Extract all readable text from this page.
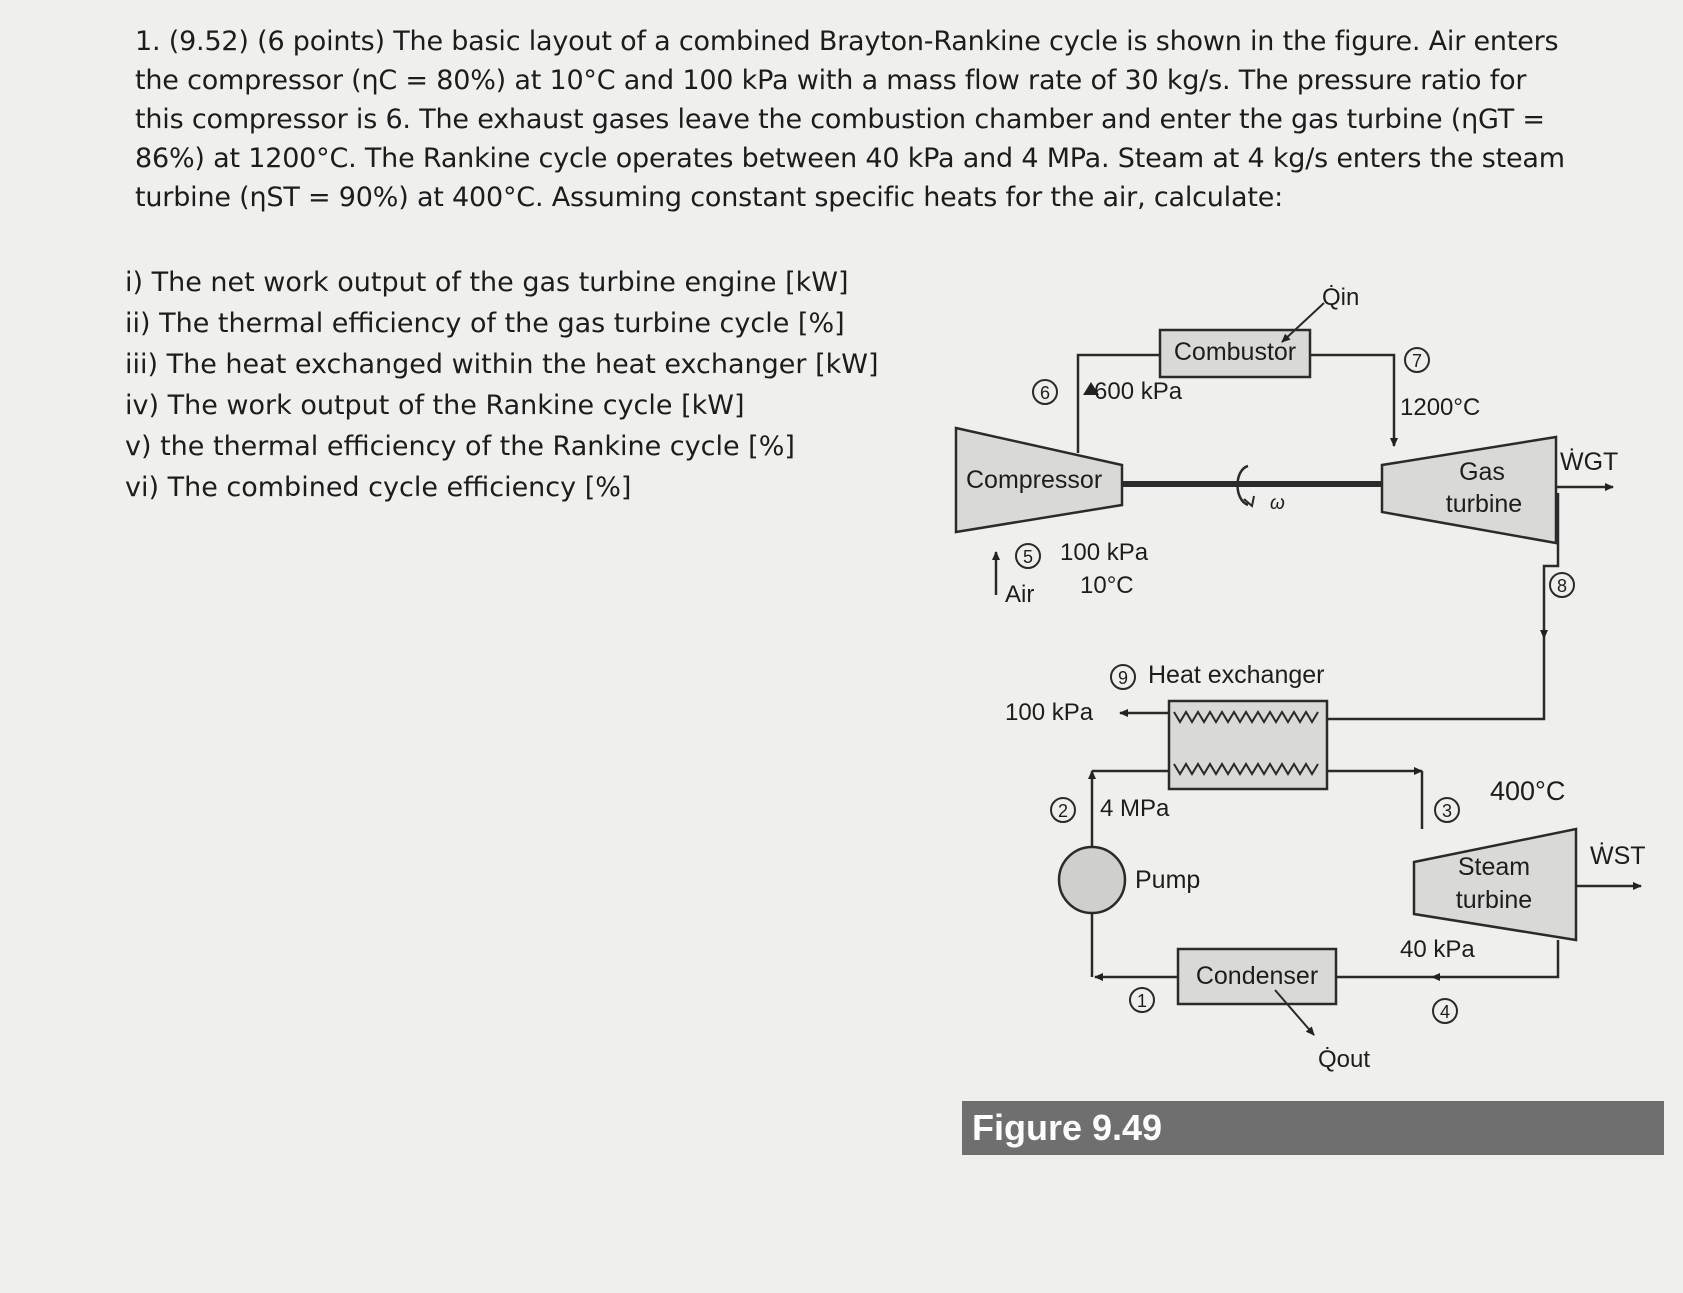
1. (9.52) (6 points) The basic layout of a combined Brayton-Rankine cycle is shown in the figure. Air enters the compressor (ηC = 80%) at 10°C and 100 kPa with a mass flow rate of 30 kg/s. The pressure ratio for this compressor is 6. The exhaust gases leave the combustion chamber and enter the gas turbine (ηGT = 86%) at 1200°C. The Rankine cycle operates between 40 kPa and 4 MPa. Steam at 4 kg/s enters the steam turbine (ηST = 90%) at 400°C. Assuming constant specific heats for the air, calculate:

i) The net work output of the gas turbine engine [kW]
ii) The thermal efficiency of the gas turbine cycle [%]
iii) The heat exchanged within the heat exchanger [kW]
iv) The work output of the Rankine cycle [kW]
v) the thermal efficiency of the Rankine cycle [%]
vi) The combined cycle efficiency [%]
ω
Compressor	Gas
turbine
ẆGT
Combustor
Q̇in
6 600 kPa
7
1200°C
5 100 kPa
10°C
Air	8
9 Heat exchanger
100 kPa
Pump
2 4 MPa
Steam
turbine
ẆST
3
400°C
40 kPa
4
Condenser
Q̇out
1
Figure 9.49
